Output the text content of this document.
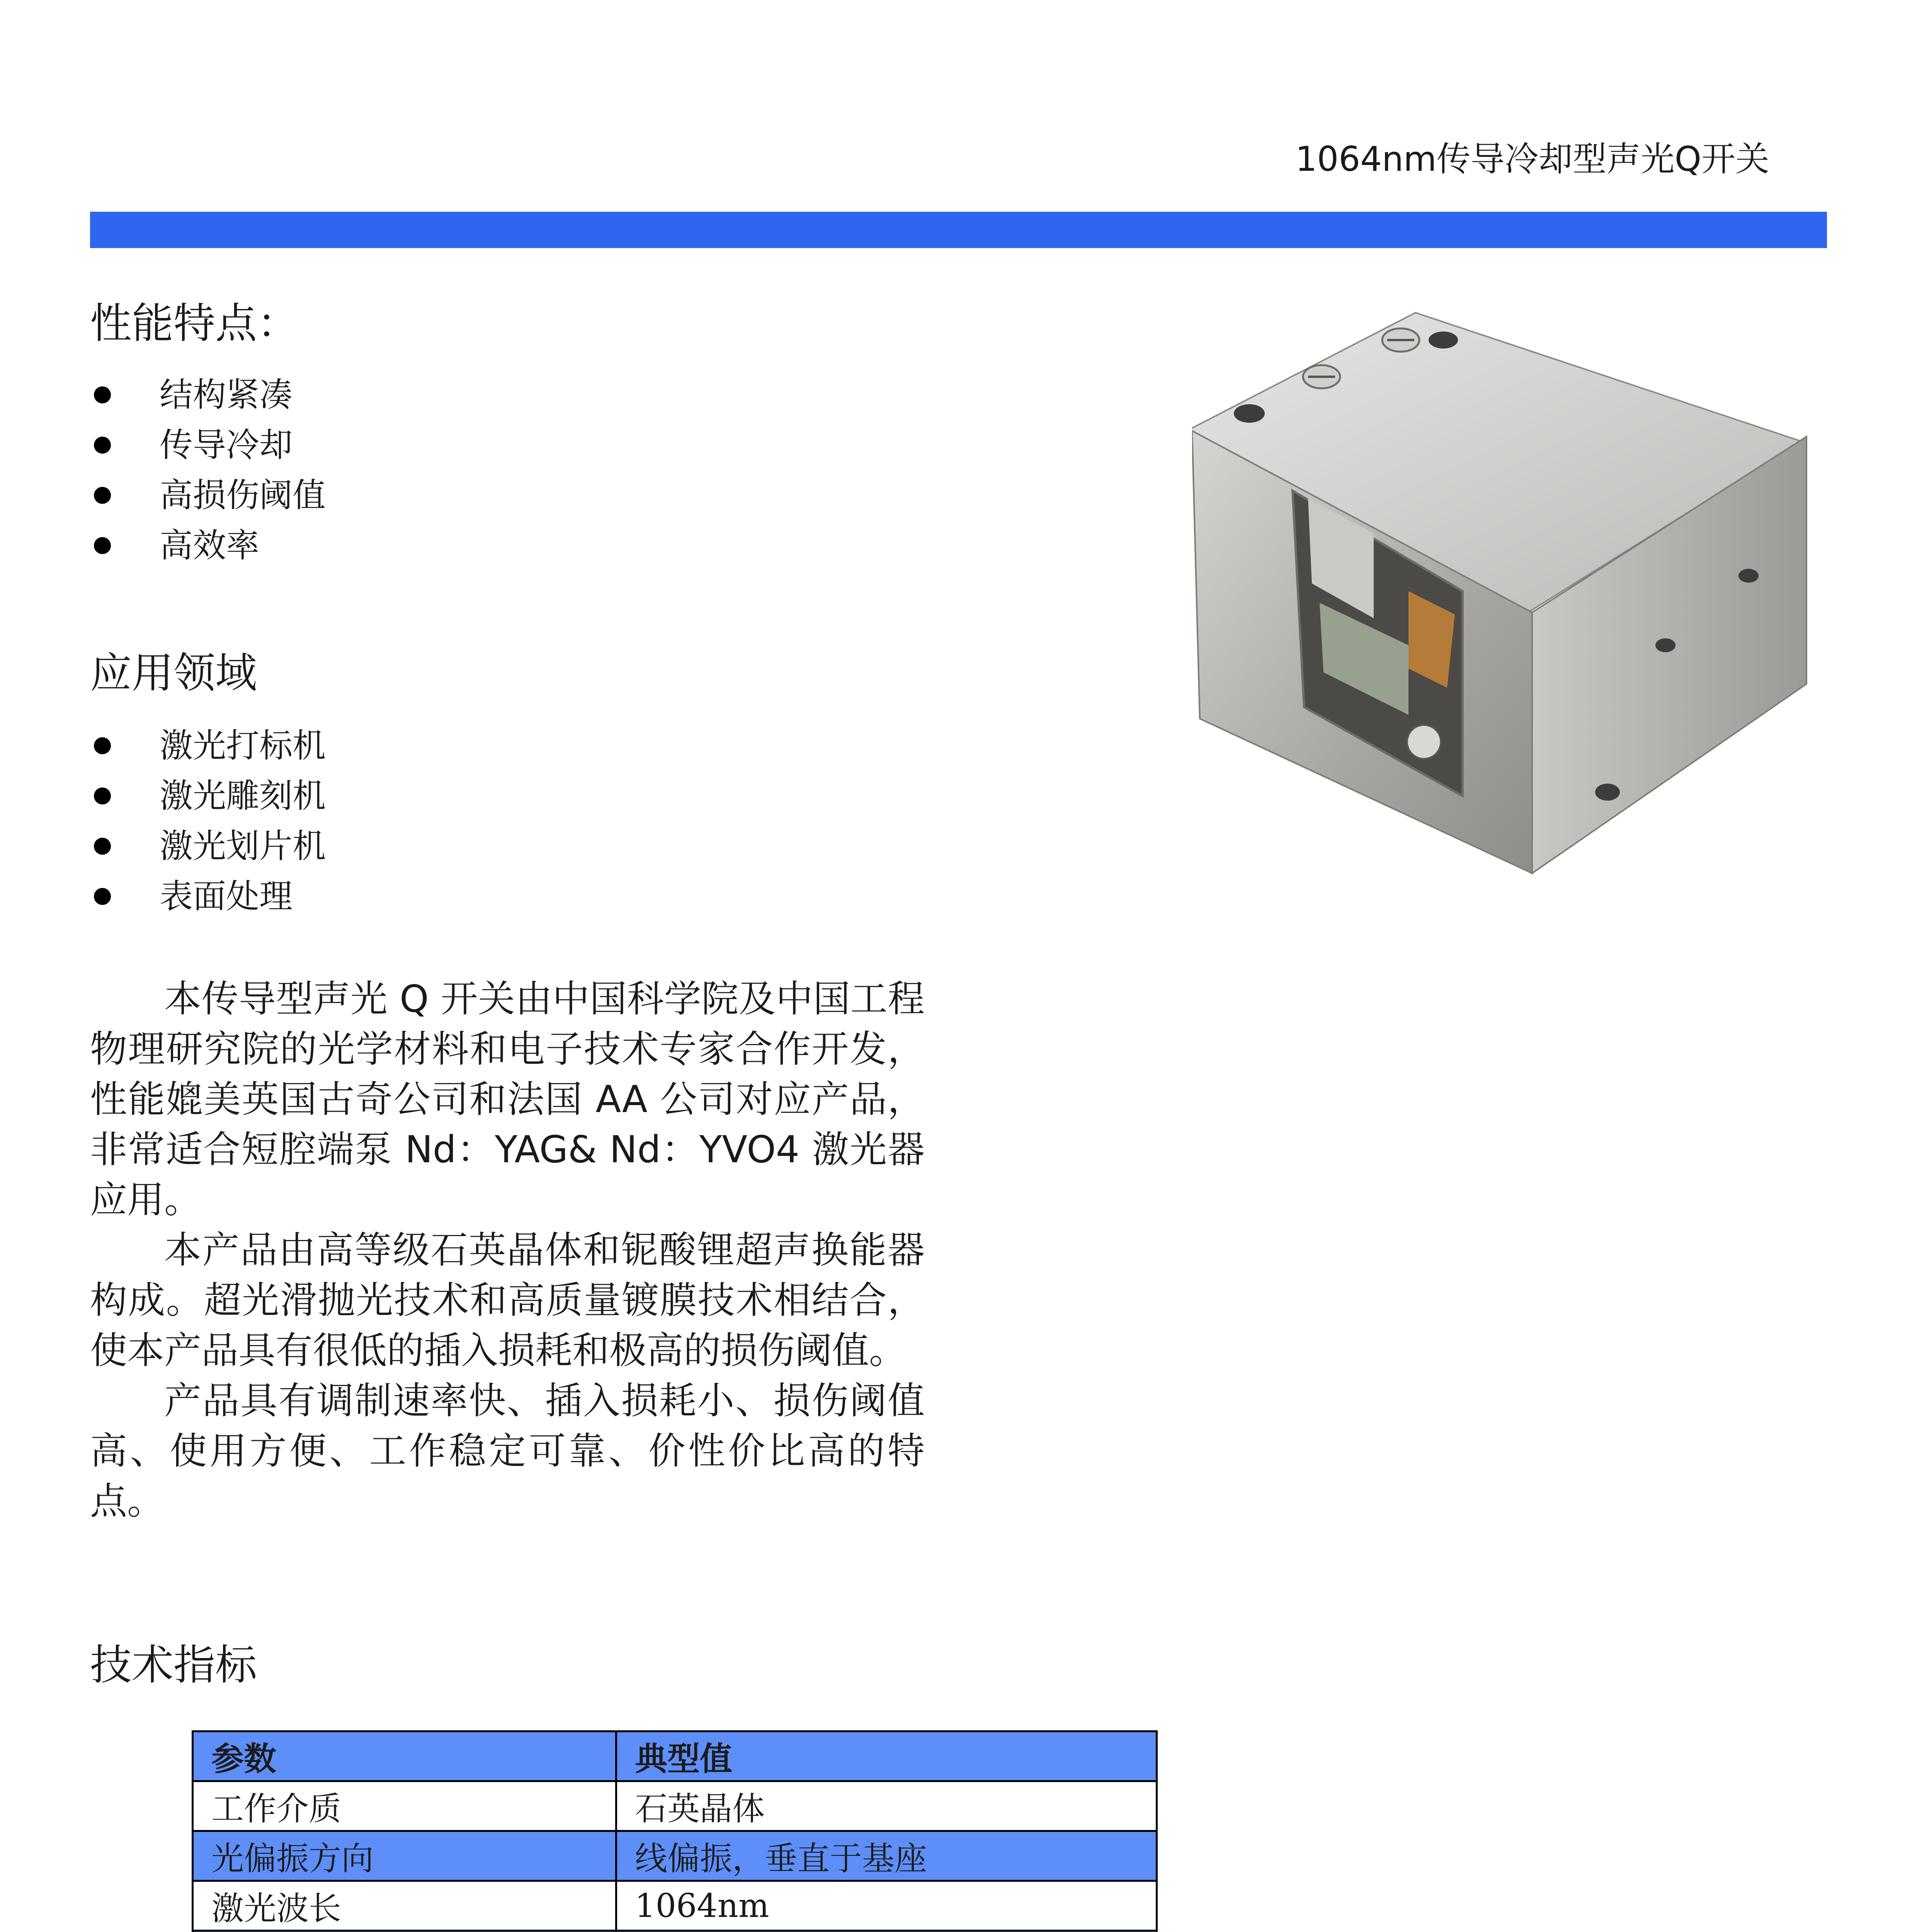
1064nm传导冷却型声光Q开关
性能特点：
结构紧凑
传导冷却
高损伤阈值
高效率
应用领域
激光打标机
激光雕刻机
激光划片机
表面处理

本传导型声光 Q 开关由中国科学院及中国工程物理研究院的光学材料和电子技术专家合作开发，性能媲美英国古奇公司和法国 AA 公司对应产品，非常适合短腔端泵 Nd：YAG& Nd：YVO4 激光器应用。

本产品由高等级石英晶体和铌酸锂超声换能器构成。超光滑抛光技术和高质量镀膜技术相结合，使本产品具有很低的插入损耗和极高的损伤阈值。

产品具有调制速率快、插入损耗小、损伤阈值高、使用方便、工作稳定可靠、价性价比高的特点。

技术指标
参数	典型值
工作介质	石英晶体
光偏振方向	线偏振，垂直于基座
激光波长	1064nm
